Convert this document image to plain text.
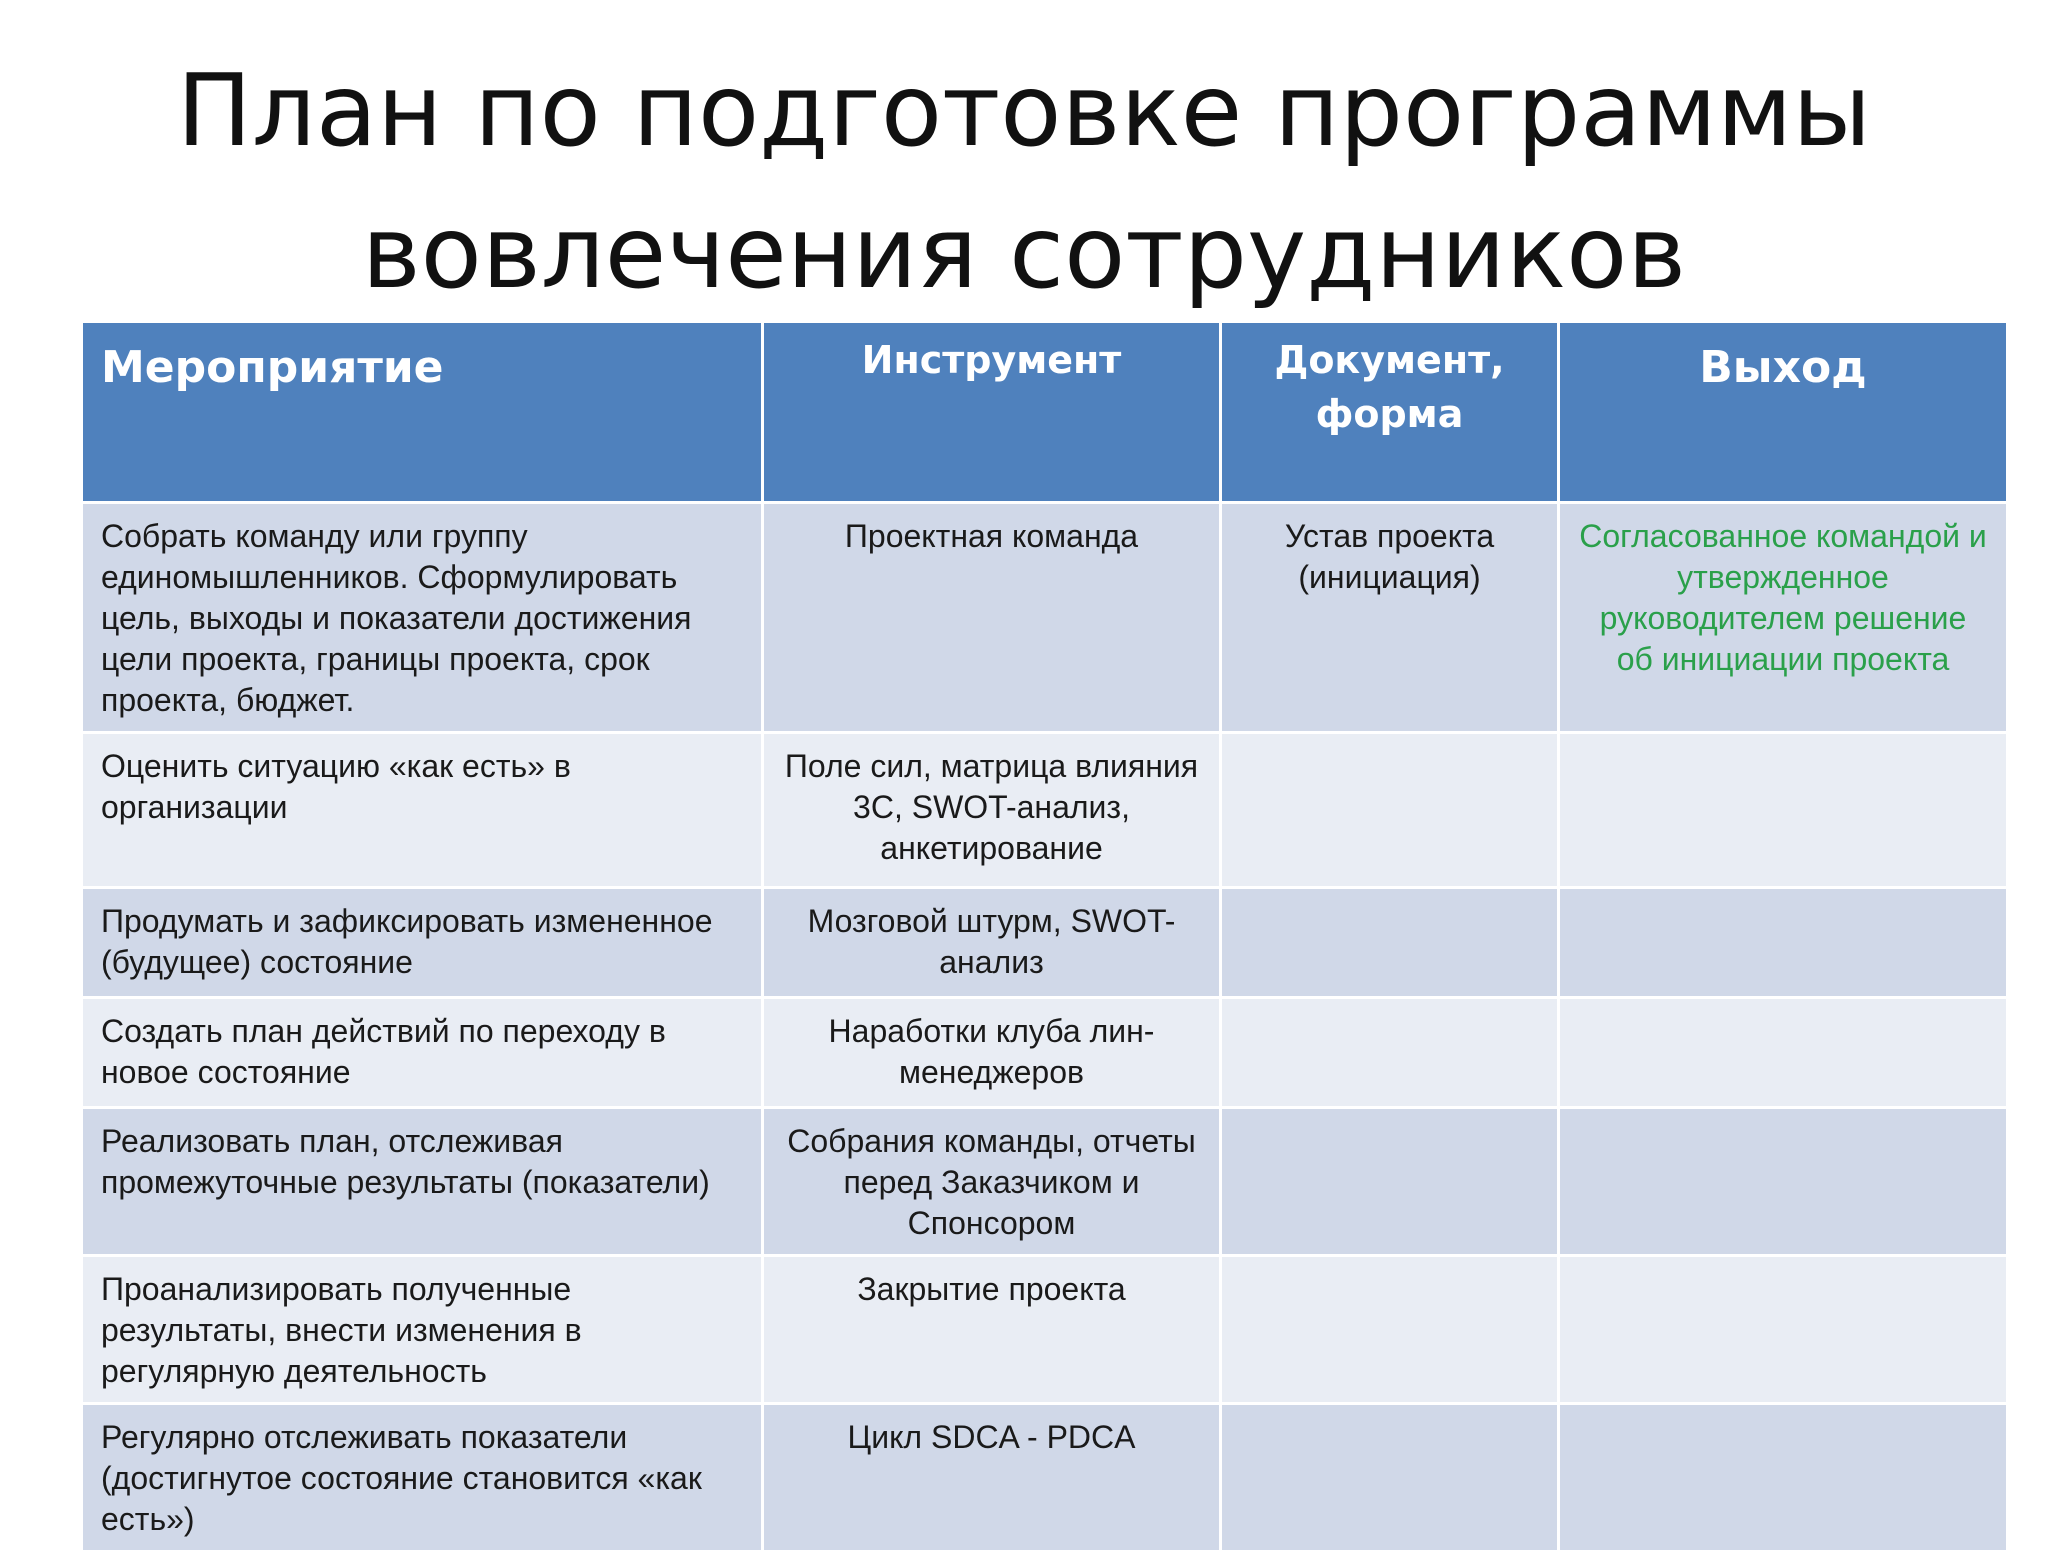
План по подготовке программы
вовлечения сотрудников
Мероприятие	Инструмент	Документ, форма	Выход
Собрать команду или группу единомышленников. Сформулировать цель, выходы и показатели достижения цели проекта, границы проекта, срок проекта, бюджет.	Проектная команда	Устав проекта (инициация)	Согласованное командой и утвержденное руководителем решение об инициации проекта
Оценить ситуацию «как есть» в организации	Поле сил, матрица влияния 3С, SWOT-анализ, анкетирование		
Продумать и зафиксировать измененное (будущее) состояние	Мозговой штурм, SWOT-анализ		
Создать план действий по переходу в новое состояние	Наработки клуба лин-менеджеров		
Реализовать план, отслеживая промежуточные результаты (показатели)	Собрания команды, отчеты перед Заказчиком и Спонсором		
Проанализировать полученные результаты, внести изменения в регулярную деятельность	Закрытие проекта		
Регулярно отслеживать показатели (достигнутое состояние становится «как есть»)	Цикл SDCA - PDCA		
